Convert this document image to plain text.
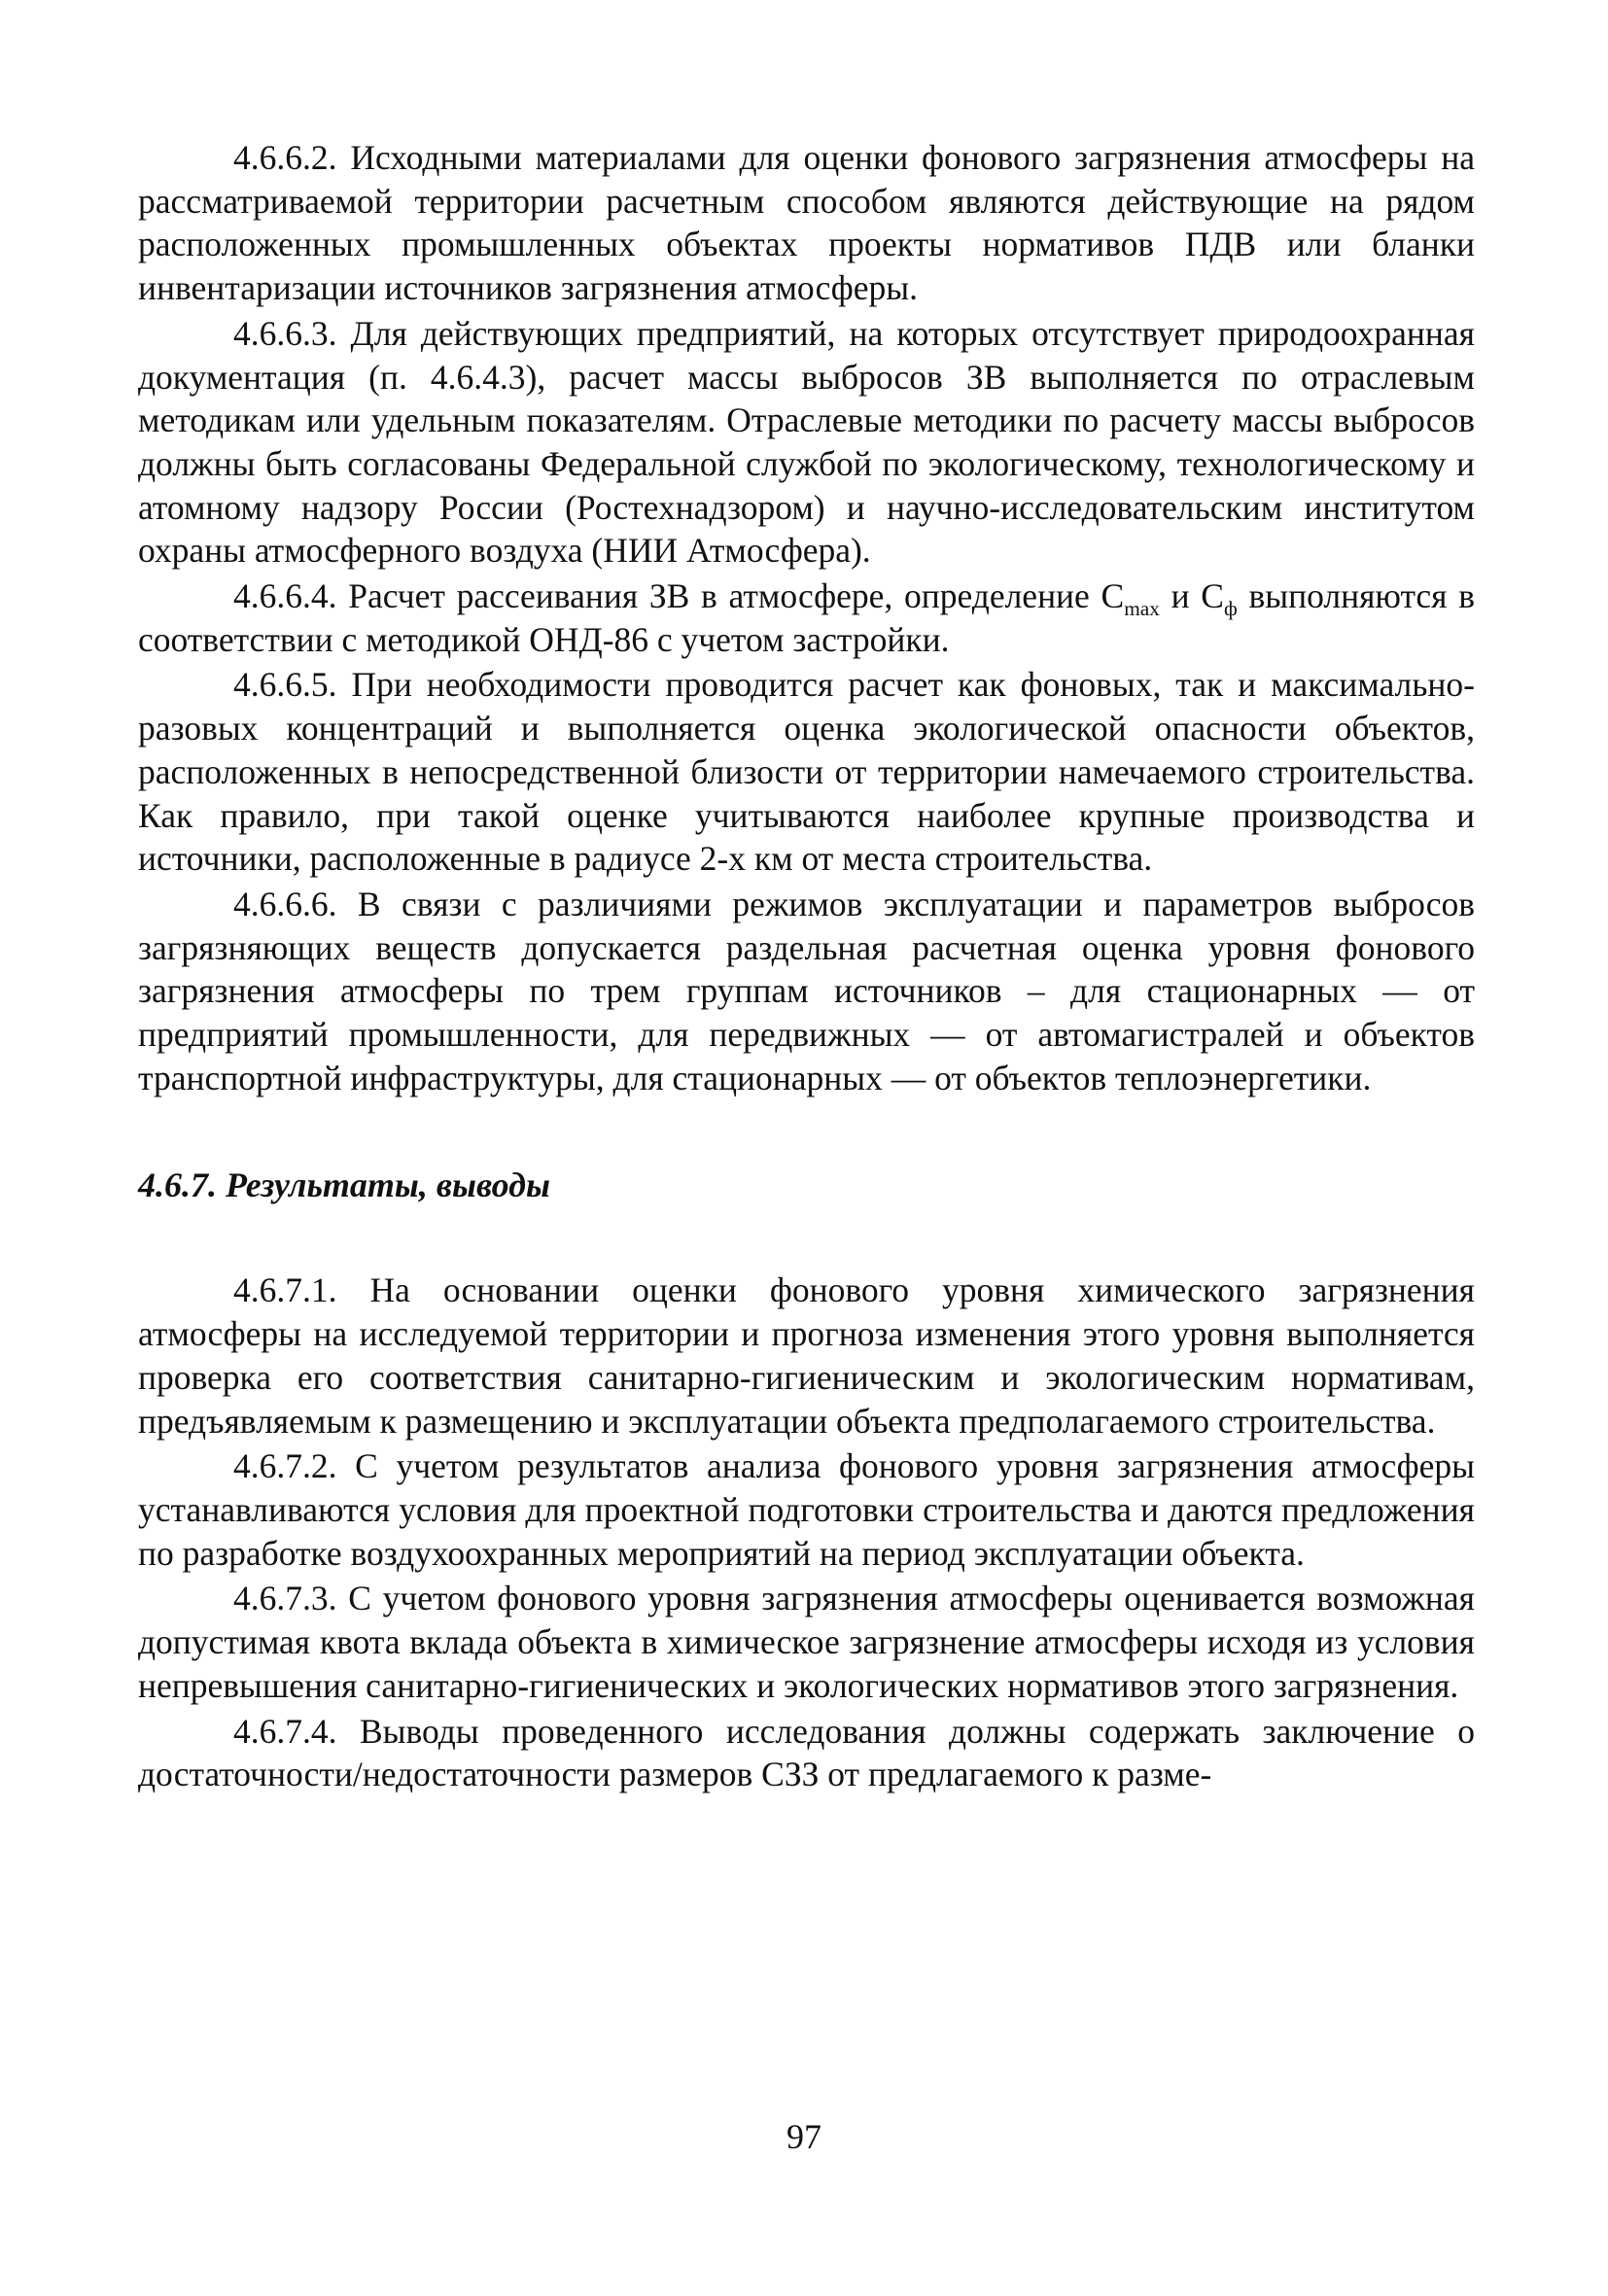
4.6.6.2. Исходными материалами для оценки фонового загрязнения атмосферы на рассматриваемой территории расчетным способом являются действующие на рядом расположенных промышленных объектах проекты нормативов ПДВ или бланки инвентаризации источников загрязнения атмосферы.

4.6.6.3. Для действующих предприятий, на которых отсутствует природоохранная документация (п. 4.6.4.3), расчет массы выбросов ЗВ выполняется по отраслевым методикам или удельным показателям. Отраслевые методики по расчету массы выбросов должны быть согласованы Федеральной службой по экологическому, технологическому и атомному надзору России (Ростехнадзором) и научно-исследовательским институтом охраны атмосферного воздуха (НИИ Атмосфера).

4.6.6.4. Расчет рассеивания ЗВ в атмосфере, определение $C_{max}$ и $C_ф$ выполняются в соответствии с методикой ОНД-86 с учетом застройки.

4.6.6.5. При необходимости проводится расчет как фоновых, так и максимально-разовых концентраций и выполняется оценка экологической опасности объектов, расположенных в непосредственной близости от территории намечаемого строительства. Как правило, при такой оценке учитываются наиболее крупные производства и источники, расположенные в радиусе 2-х км от места строительства.

4.6.6.6. В связи с различиями режимов эксплуатации и параметров выбросов загрязняющих веществ допускается раздельная расчетная оценка уровня фонового загрязнения атмосферы по трем группам источников – для стационарных — от предприятий промышленности, для передвижных — от автомагистралей и объектов транспортной инфраструктуры, для стационарных — от объектов теплоэнергетики.

4.6.7. Результаты, выводы

4.6.7.1. На основании оценки фонового уровня химического загрязнения атмосферы на исследуемой территории и прогноза изменения этого уровня выполняется проверка его соответствия санитарно-гигиеническим и экологическим нормативам, предъявляемым к размещению и эксплуатации объекта предполагаемого строительства.

4.6.7.2. С учетом результатов анализа фонового уровня загрязнения атмосферы устанавливаются условия для проектной подготовки строительства и даются предложения по разработке воздухоохранных мероприятий на период эксплуатации объекта.

4.6.7.3. С учетом фонового уровня загрязнения атмосферы оценивается возможная допустимая квота вклада объекта в химическое загрязнение атмосферы исходя из условия непревышения санитарно-гигиенических и экологических нормативов этого загрязнения.

4.6.7.4. Выводы проведенного исследования должны содержать заключение о достаточности/недостаточности размеров СЗЗ от предлагаемого к разме-

97
